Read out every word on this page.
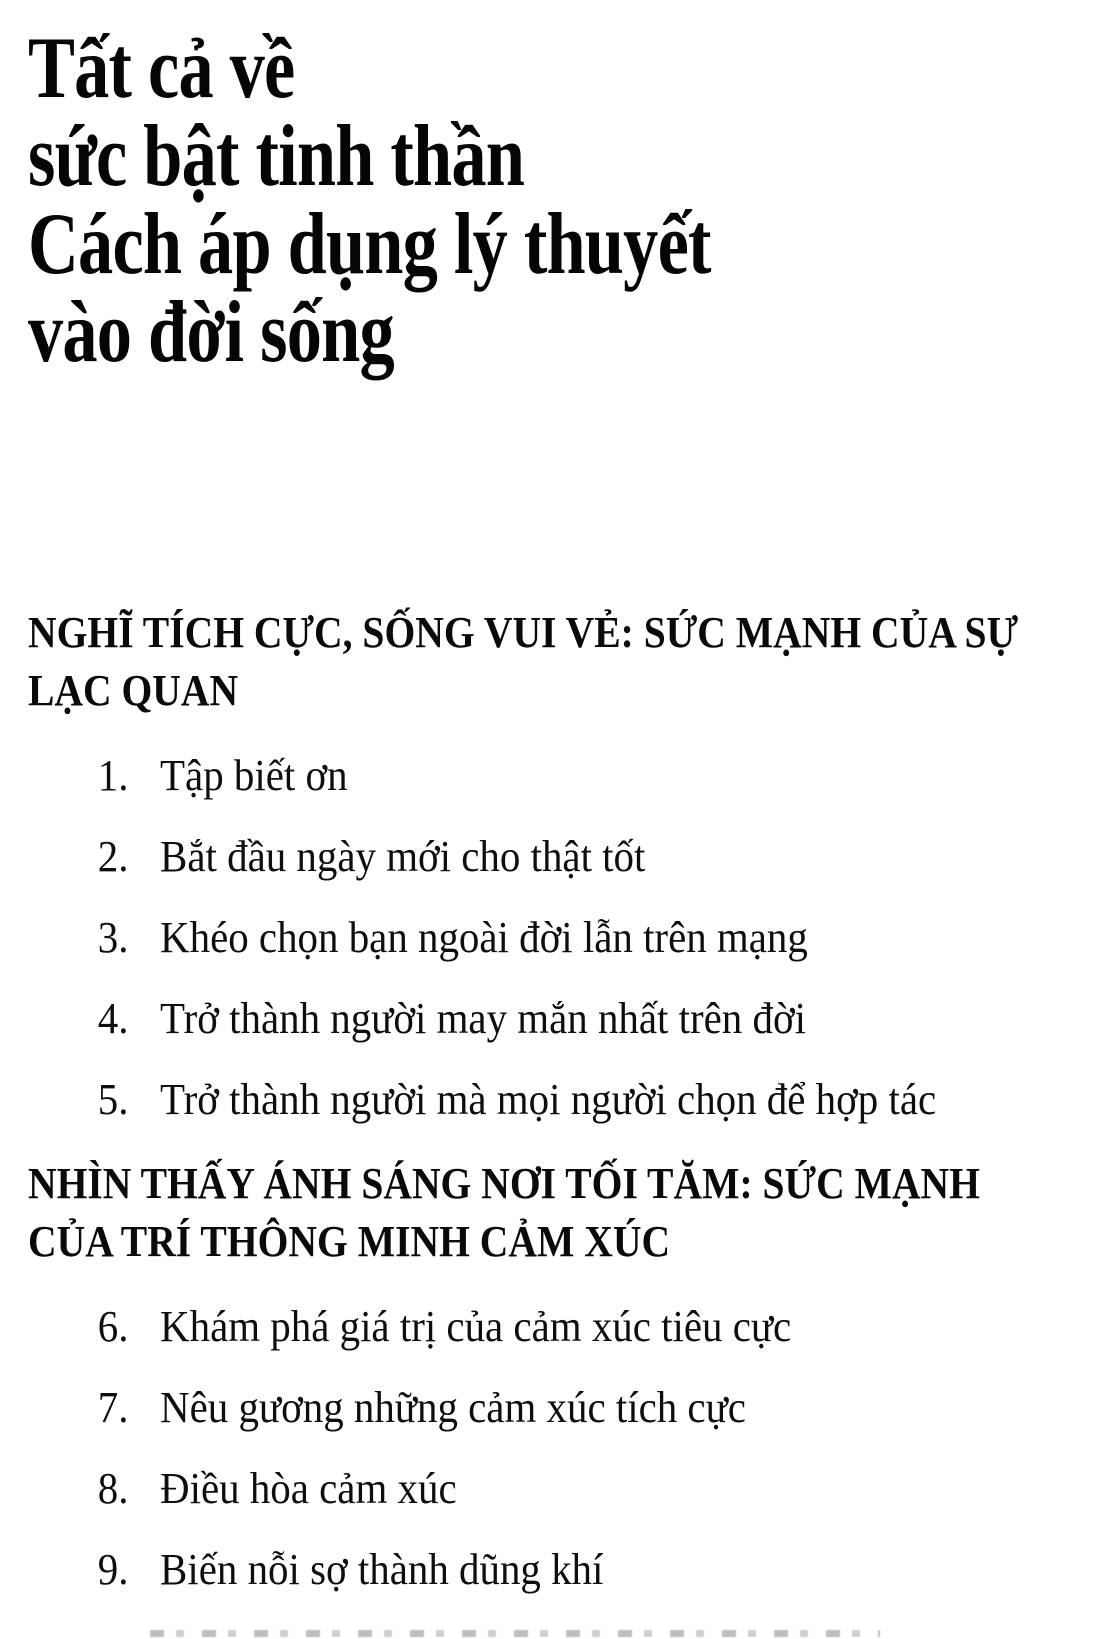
Tất cả về
sức bật tinh thần
Cách áp dụng lý thuyết
vào đời sống
NGHĨ TÍCH CỰC, SỐNG VUI VẺ: SỨC MẠNH CỦA SỰ
LẠC QUAN
1. Tập biết ơn
2. Bắt đầu ngày mới cho thật tốt
3. Khéo chọn bạn ngoài đời lẫn trên mạng
4. Trở thành người may mắn nhất trên đời
5. Trở thành người mà mọi người chọn để hợp tác
NHÌN THẤY ÁNH SÁNG NƠI TỐI TĂM: SỨC MẠNH
CỦA TRÍ THÔNG MINH CẢM XÚC
6. Khám phá giá trị của cảm xúc tiêu cực
7. Nêu gương những cảm xúc tích cực
8. Điều hòa cảm xúc
9. Biến nỗi sợ thành dũng khí
